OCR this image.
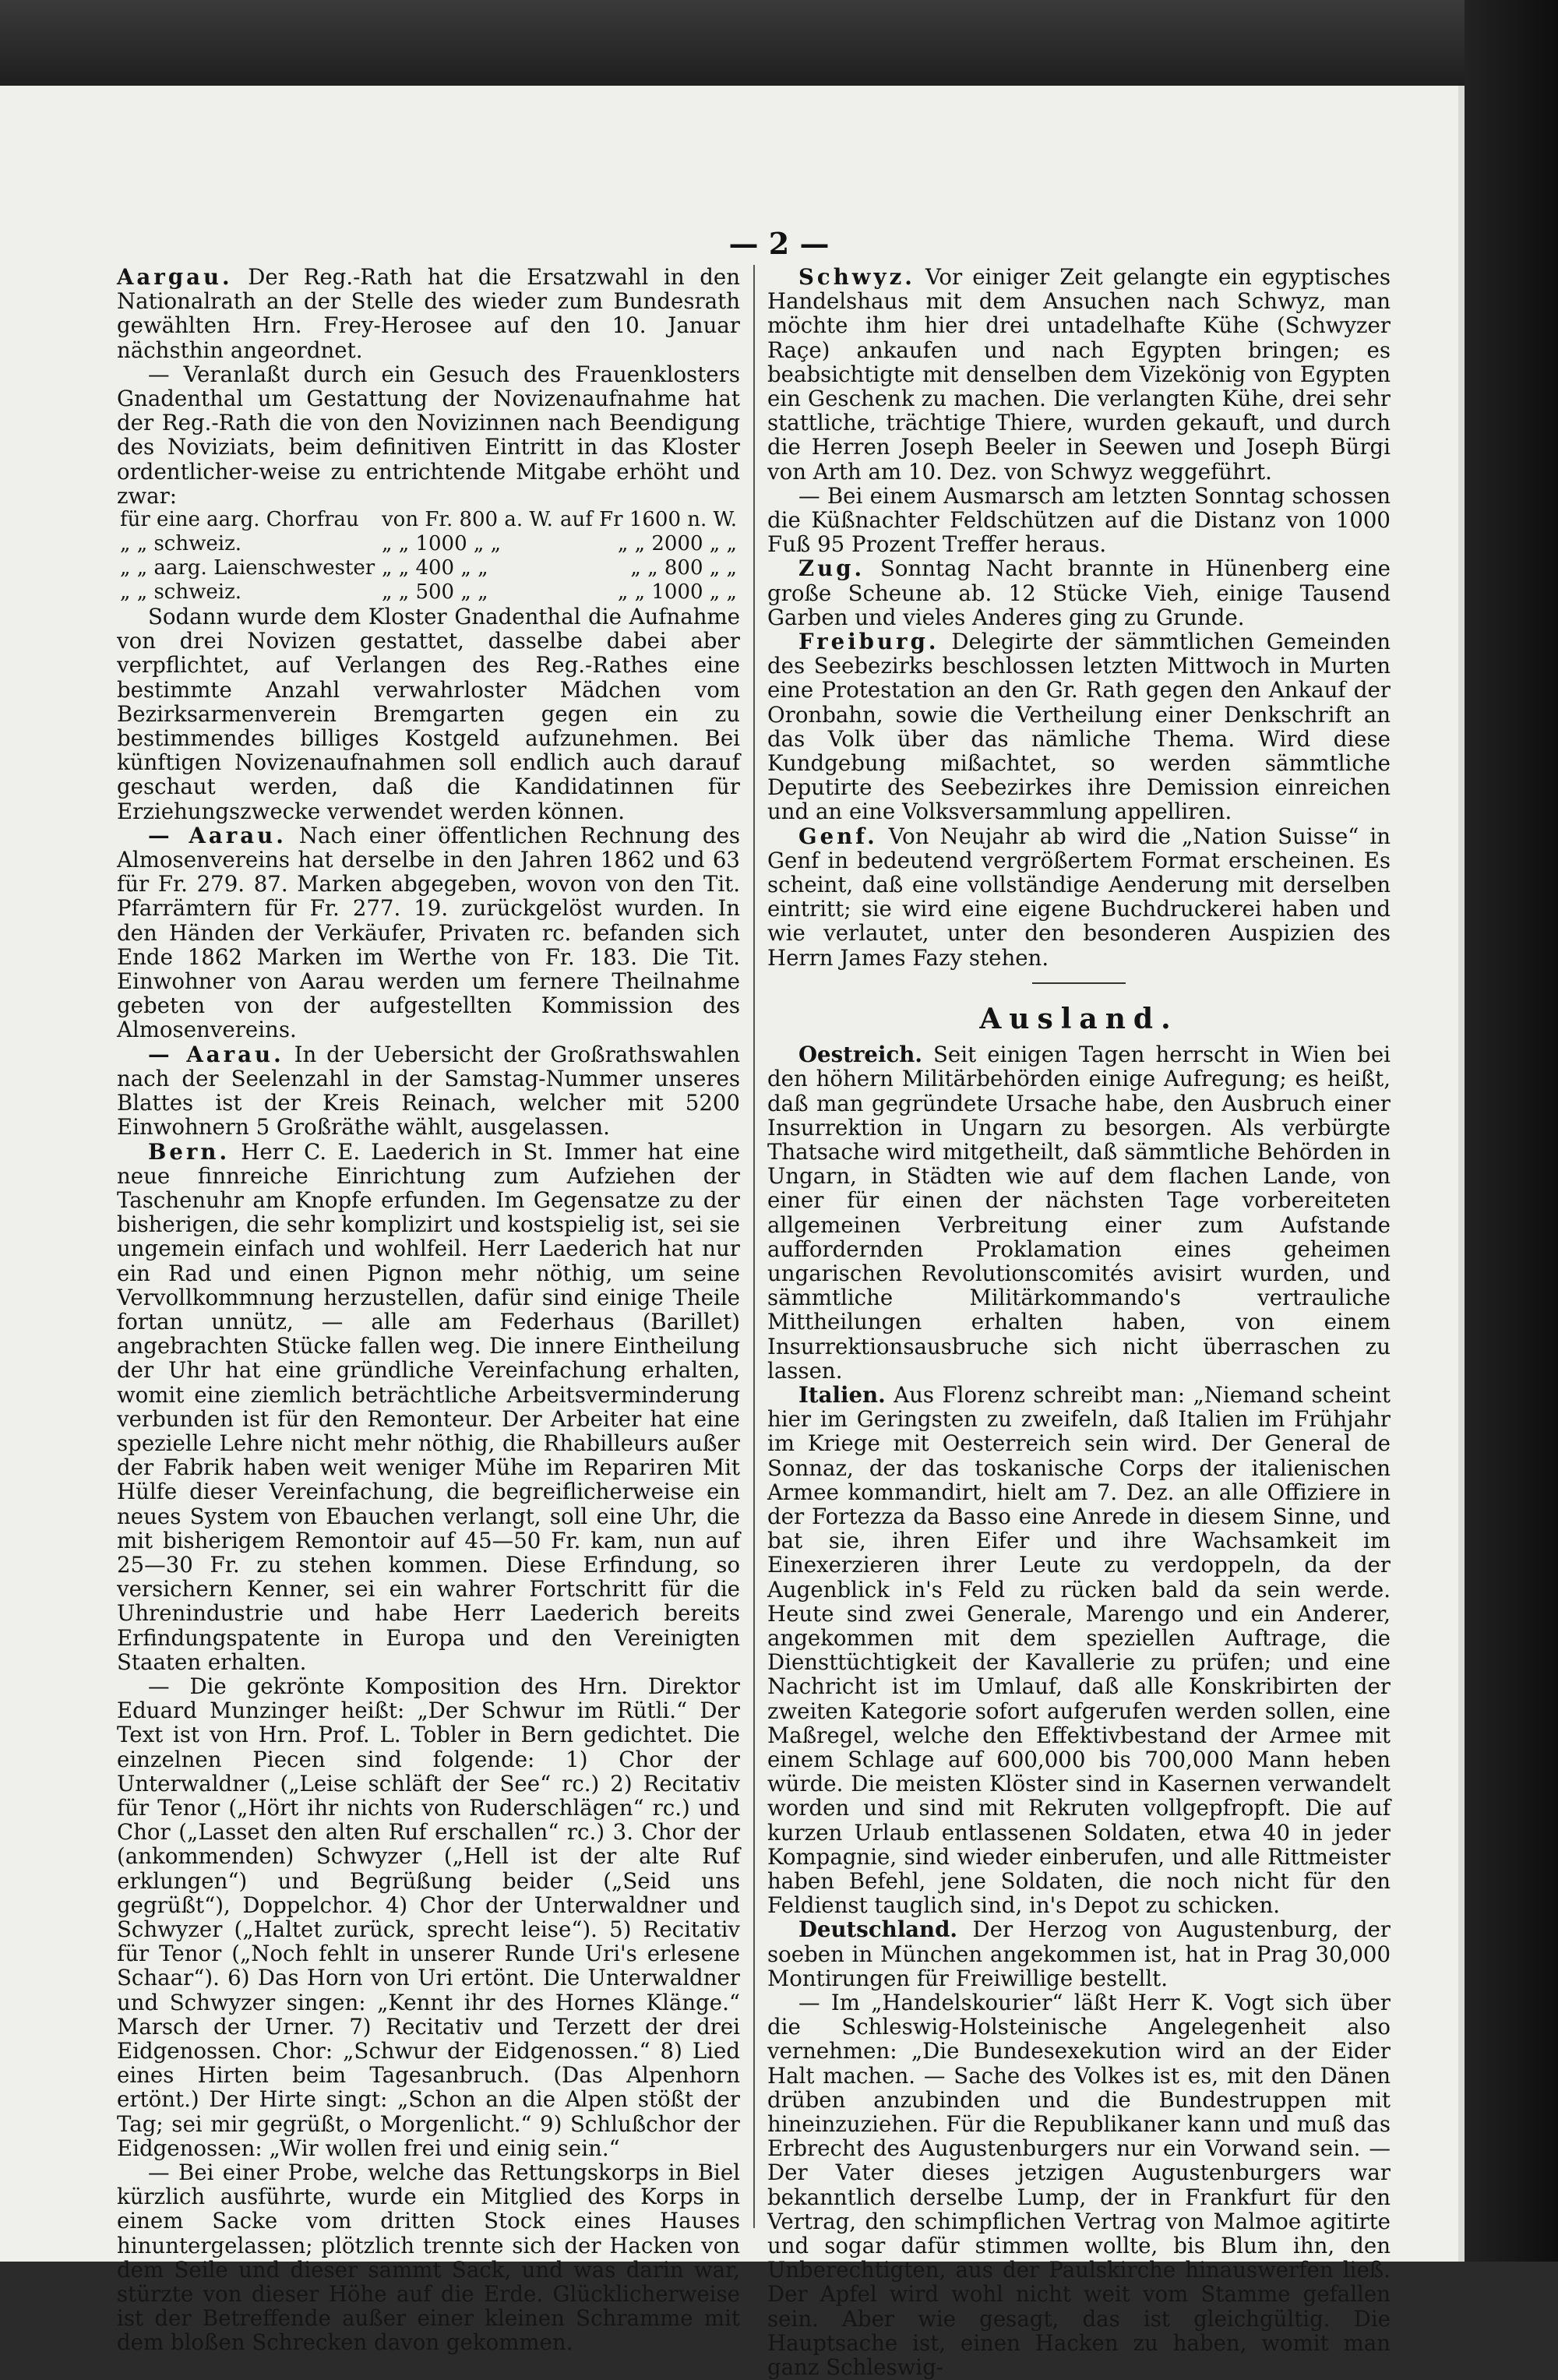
— 2 —

Aargau. Der Reg.-Rath hat die Ersatzwahl in den Nationalrath an der Stelle des wieder zum Bundesrath gewählten Hrn. Frey-Herosee auf den 10. Januar nächsthin angeordnet.

— Veranlaßt durch ein Gesuch des Frauenklosters Gnadenthal um Gestattung der Novizenaufnahme hat der Reg.-Rath die von den Novizinnen nach Beendigung des Noviziats, beim definitiven Eintritt in das Kloster ordentlicher-weise zu entrichtende Mitgabe erhöht und zwar:

für eine aarg. Chorfrau	von Fr. 800 a. W.	auf Fr 1600 n. W.
„ „ schweiz.	„ „ 1000 „ „	„ „ 2000 „ „
„ „ aarg. Laienschwester	„ „ 400 „ „	„ „ 800 „ „
„ „ schweiz.	„ „ 500 „ „	„ „ 1000 „ „

Sodann wurde dem Kloster Gnadenthal die Aufnahme von drei Novizen gestattet, dasselbe dabei aber verpflichtet, auf Verlangen des Reg.-Rathes eine bestimmte Anzahl verwahrloster Mädchen vom Bezirksarmenverein Bremgarten gegen ein zu bestimmendes billiges Kostgeld aufzunehmen. Bei künftigen Novizenaufnahmen soll endlich auch darauf geschaut werden, daß die Kandidatinnen für Erziehungszwecke verwendet werden können.

— Aarau. Nach einer öffentlichen Rechnung des Almosenvereins hat derselbe in den Jahren 1862 und 63 für Fr. 279. 87. Marken abgegeben, wovon von den Tit. Pfarrämtern für Fr. 277. 19. zurückgelöst wurden. In den Händen der Verkäufer, Privaten rc. befanden sich Ende 1862 Marken im Werthe von Fr. 183. Die Tit. Einwohner von Aarau werden um fernere Theilnahme gebeten von der aufgestellten Kommission des Almosenvereins.

— Aarau. In der Uebersicht der Großrathswahlen nach der Seelenzahl in der Samstag-Nummer unseres Blattes ist der Kreis Reinach, welcher mit 5200 Einwohnern 5 Großräthe wählt, ausgelassen.

Bern. Herr C. E. Laederich in St. Immer hat eine neue finnreiche Einrichtung zum Aufziehen der Taschenuhr am Knopfe erfunden. Im Gegensatze zu der bisherigen, die sehr komplizirt und kostspielig ist, sei sie ungemein einfach und wohlfeil. Herr Laederich hat nur ein Rad und einen Pignon mehr nöthig, um seine Vervollkommnung herzustellen, dafür sind einige Theile fortan unnütz, — alle am Federhaus (Barillet) angebrachten Stücke fallen weg. Die innere Eintheilung der Uhr hat eine gründliche Vereinfachung erhalten, womit eine ziemlich beträchtliche Arbeitsverminderung verbunden ist für den Remonteur. Der Arbeiter hat eine spezielle Lehre nicht mehr nöthig, die Rhabilleurs außer der Fabrik haben weit weniger Mühe im Repariren Mit Hülfe dieser Vereinfachung, die begreiflicherweise ein neues System von Ebauchen verlangt, soll eine Uhr, die mit bisherigem Remontoir auf 45—50 Fr. kam, nun auf 25—30 Fr. zu stehen kommen. Diese Erfindung, so versichern Kenner, sei ein wahrer Fortschritt für die Uhrenindustrie und habe Herr Laederich bereits Erfindungspatente in Europa und den Vereinigten Staaten erhalten.

— Die gekrönte Komposition des Hrn. Direktor Eduard Munzinger heißt: „Der Schwur im Rütli.“ Der Text ist von Hrn. Prof. L. Tobler in Bern gedichtet. Die einzelnen Piecen sind folgende: 1) Chor der Unterwaldner („Leise schläft der See“ rc.) 2) Recitativ für Tenor („Hört ihr nichts von Ruderschlägen“ rc.) und Chor („Lasset den alten Ruf erschallen“ rc.) 3. Chor der (ankommenden) Schwyzer („Hell ist der alte Ruf erklungen“) und Begrüßung beider („Seid uns gegrüßt“), Doppelchor. 4) Chor der Unterwaldner und Schwyzer („Haltet zurück, sprecht leise“). 5) Recitativ für Tenor („Noch fehlt in unserer Runde Uri's erlesene Schaar“). 6) Das Horn von Uri ertönt. Die Unterwaldner und Schwyzer singen: „Kennt ihr des Hornes Klänge.“ Marsch der Urner. 7) Recitativ und Terzett der drei Eidgenossen. Chor: „Schwur der Eidgenossen.“ 8) Lied eines Hirten beim Tagesanbruch. (Das Alpenhorn ertönt.) Der Hirte singt: „Schon an die Alpen stößt der Tag; sei mir gegrüßt, o Morgenlicht.“ 9) Schlußchor der Eidgenossen: „Wir wollen frei und einig sein.“

— Bei einer Probe, welche das Rettungskorps in Biel kürzlich ausführte, wurde ein Mitglied des Korps in einem Sacke vom dritten Stock eines Hauses hinuntergelassen; plötzlich trennte sich der Hacken von dem Seile und dieser sammt Sack, und was darin war, stürzte von dieser Höhe auf die Erde. Glücklicherweise ist der Betreffende außer einer kleinen Schramme mit dem bloßen Schrecken davon gekommen.

Schwyz. Vor einiger Zeit gelangte ein egyptisches Handelshaus mit dem Ansuchen nach Schwyz, man möchte ihm hier drei untadelhafte Kühe (Schwyzer Raçe) ankaufen und nach Egypten bringen; es beabsichtigte mit denselben dem Vizekönig von Egypten ein Geschenk zu machen. Die verlangten Kühe, drei sehr stattliche, trächtige Thiere, wurden gekauft, und durch die Herren Joseph Beeler in Seewen und Joseph Bürgi von Arth am 10. Dez. von Schwyz weggeführt.

— Bei einem Ausmarsch am letzten Sonntag schossen die Küßnachter Feldschützen auf die Distanz von 1000 Fuß 95 Prozent Treffer heraus.

Zug. Sonntag Nacht brannte in Hünenberg eine große Scheune ab. 12 Stücke Vieh, einige Tausend Garben und vieles Anderes ging zu Grunde.

Freiburg. Delegirte der sämmtlichen Gemeinden des Seebezirks beschlossen letzten Mittwoch in Murten eine Protestation an den Gr. Rath gegen den Ankauf der Oronbahn, sowie die Vertheilung einer Denkschrift an das Volk über das nämliche Thema. Wird diese Kundgebung mißachtet, so werden sämmtliche Deputirte des Seebezirkes ihre Demission einreichen und an eine Volksversammlung appelliren.

Genf. Von Neujahr ab wird die „Nation Suisse“ in Genf in bedeutend vergrößertem Format erscheinen. Es scheint, daß eine vollständige Aenderung mit derselben eintritt; sie wird eine eigene Buchdruckerei haben und wie verlautet, unter den besonderen Auspizien des Herrn James Fazy stehen.

Ausland.

Oestreich. Seit einigen Tagen herrscht in Wien bei den höhern Militärbehörden einige Aufregung; es heißt, daß man gegründete Ursache habe, den Ausbruch einer Insurrektion in Ungarn zu besorgen. Als verbürgte Thatsache wird mitgetheilt, daß sämmtliche Behörden in Ungarn, in Städten wie auf dem flachen Lande, von einer für einen der nächsten Tage vorbereiteten allgemeinen Verbreitung einer zum Aufstande auffordernden Proklamation eines geheimen ungarischen Revolutionscomités avisirt wurden, und sämmtliche Militärkommando's vertrauliche Mittheilungen erhalten haben, von einem Insurrektionsausbruche sich nicht überraschen zu lassen.

Italien. Aus Florenz schreibt man: „Niemand scheint hier im Geringsten zu zweifeln, daß Italien im Frühjahr im Kriege mit Oesterreich sein wird. Der General de Sonnaz, der das toskanische Corps der italienischen Armee kommandirt, hielt am 7. Dez. an alle Offiziere in der Fortezza da Basso eine Anrede in diesem Sinne, und bat sie, ihren Eifer und ihre Wachsamkeit im Einexerzieren ihrer Leute zu verdoppeln, da der Augenblick in's Feld zu rücken bald da sein werde. Heute sind zwei Generale, Marengo und ein Anderer, angekommen mit dem speziellen Auftrage, die Diensttüchtigkeit der Kavallerie zu prüfen; und eine Nachricht ist im Umlauf, daß alle Konskribirten der zweiten Kategorie sofort aufgerufen werden sollen, eine Maßregel, welche den Effektivbestand der Armee mit einem Schlage auf 600,000 bis 700,000 Mann heben würde. Die meisten Klöster sind in Kasernen verwandelt worden und sind mit Rekruten vollgepfropft. Die auf kurzen Urlaub entlassenen Soldaten, etwa 40 in jeder Kompagnie, sind wieder einberufen, und alle Rittmeister haben Befehl, jene Soldaten, die noch nicht für den Feldienst tauglich sind, in's Depot zu schicken.

Deutschland. Der Herzog von Augustenburg, der soeben in München angekommen ist, hat in Prag 30,000 Montirungen für Freiwillige bestellt.

— Im „Handelskourier“ läßt Herr K. Vogt sich über die Schleswig-Holsteinische Angelegenheit also vernehmen: „Die Bundesexekution wird an der Eider Halt machen. — Sache des Volkes ist es, mit den Dänen drüben anzubinden und die Bundestruppen mit hineinzuziehen. Für die Republikaner kann und muß das Erbrecht des Augustenburgers nur ein Vorwand sein. — Der Vater dieses jetzigen Augustenburgers war bekanntlich derselbe Lump, der in Frankfurt für den Vertrag, den schimpflichen Vertrag von Malmoe agitirte und sogar dafür stimmen wollte, bis Blum ihn, den Unberechtigten, aus der Paulskirche hinauswerfen ließ. Der Apfel wird wohl nicht weit vom Stamme gefallen sein. Aber wie gesagt, das ist gleichgültig. Die Hauptsache ist, einen Hacken zu haben, womit man ganz Schleswig-
